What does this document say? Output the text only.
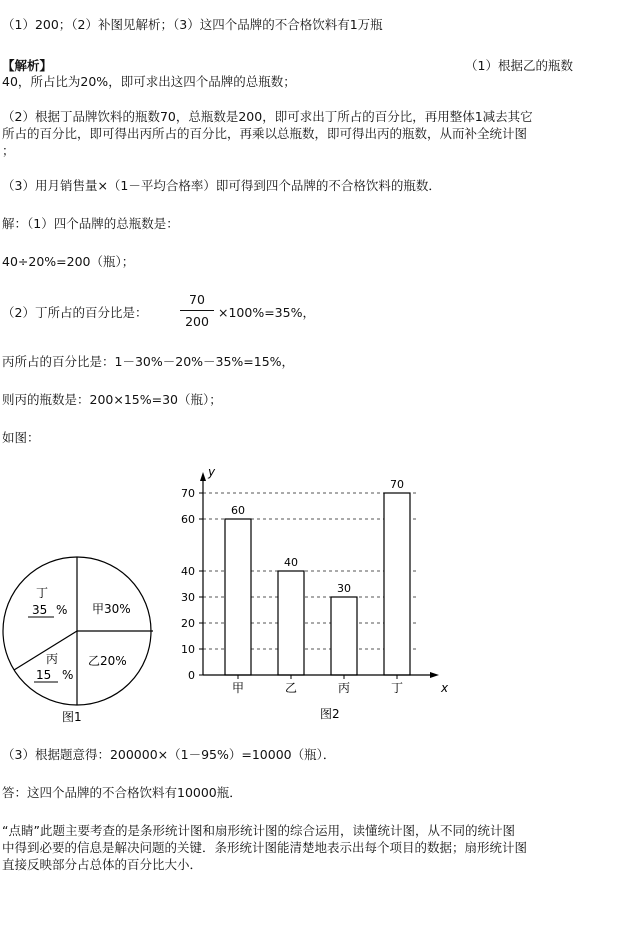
（1）200；（2）补图见解析；（3）这四个品牌的不合格饮料有1万瓶
【解析】	（1）根据乙的瓶数
40，所占比为20%，即可求出这四个品牌的总瓶数；
（2）根据丁品牌饮料的瓶数70，总瓶数是200，即可求出丁所占的百分比，再用整体1减去其它
所占的百分比，即可得出丙所占的百分比，再乘以总瓶数，即可得出丙的瓶数，从而补全统计图
；
（3）用月销售量×（1－平均合格率）即可得到四个品牌的不合格饮料的瓶数．
解：（1）四个品牌的总瓶数是：
40÷20%=200（瓶）；
（2）丁所占的百分比是：
70
200
×100%=35%，
丙所占的百分比是：1－30%－20%－35%=15%，
则丙的瓶数是：200×15%=30（瓶）；
如图：
甲30%
乙20%
丙
15 %
丁
35 %
图1
60
40
30
70
0
10
20
30
40
60
70
甲	乙	丙	丁
y
x
图2
（3）根据题意得：200000×（1－95%）=10000（瓶）．
答：这四个品牌的不合格饮料有10000瓶．
“点睛”此题主要考查的是条形统计图和扇形统计图的综合运用，读懂统计图，从不同的统计图
中得到必要的信息是解决问题的关键．条形统计图能清楚地表示出每个项目的数据；扇形统计图
直接反映部分占总体的百分比大小．
